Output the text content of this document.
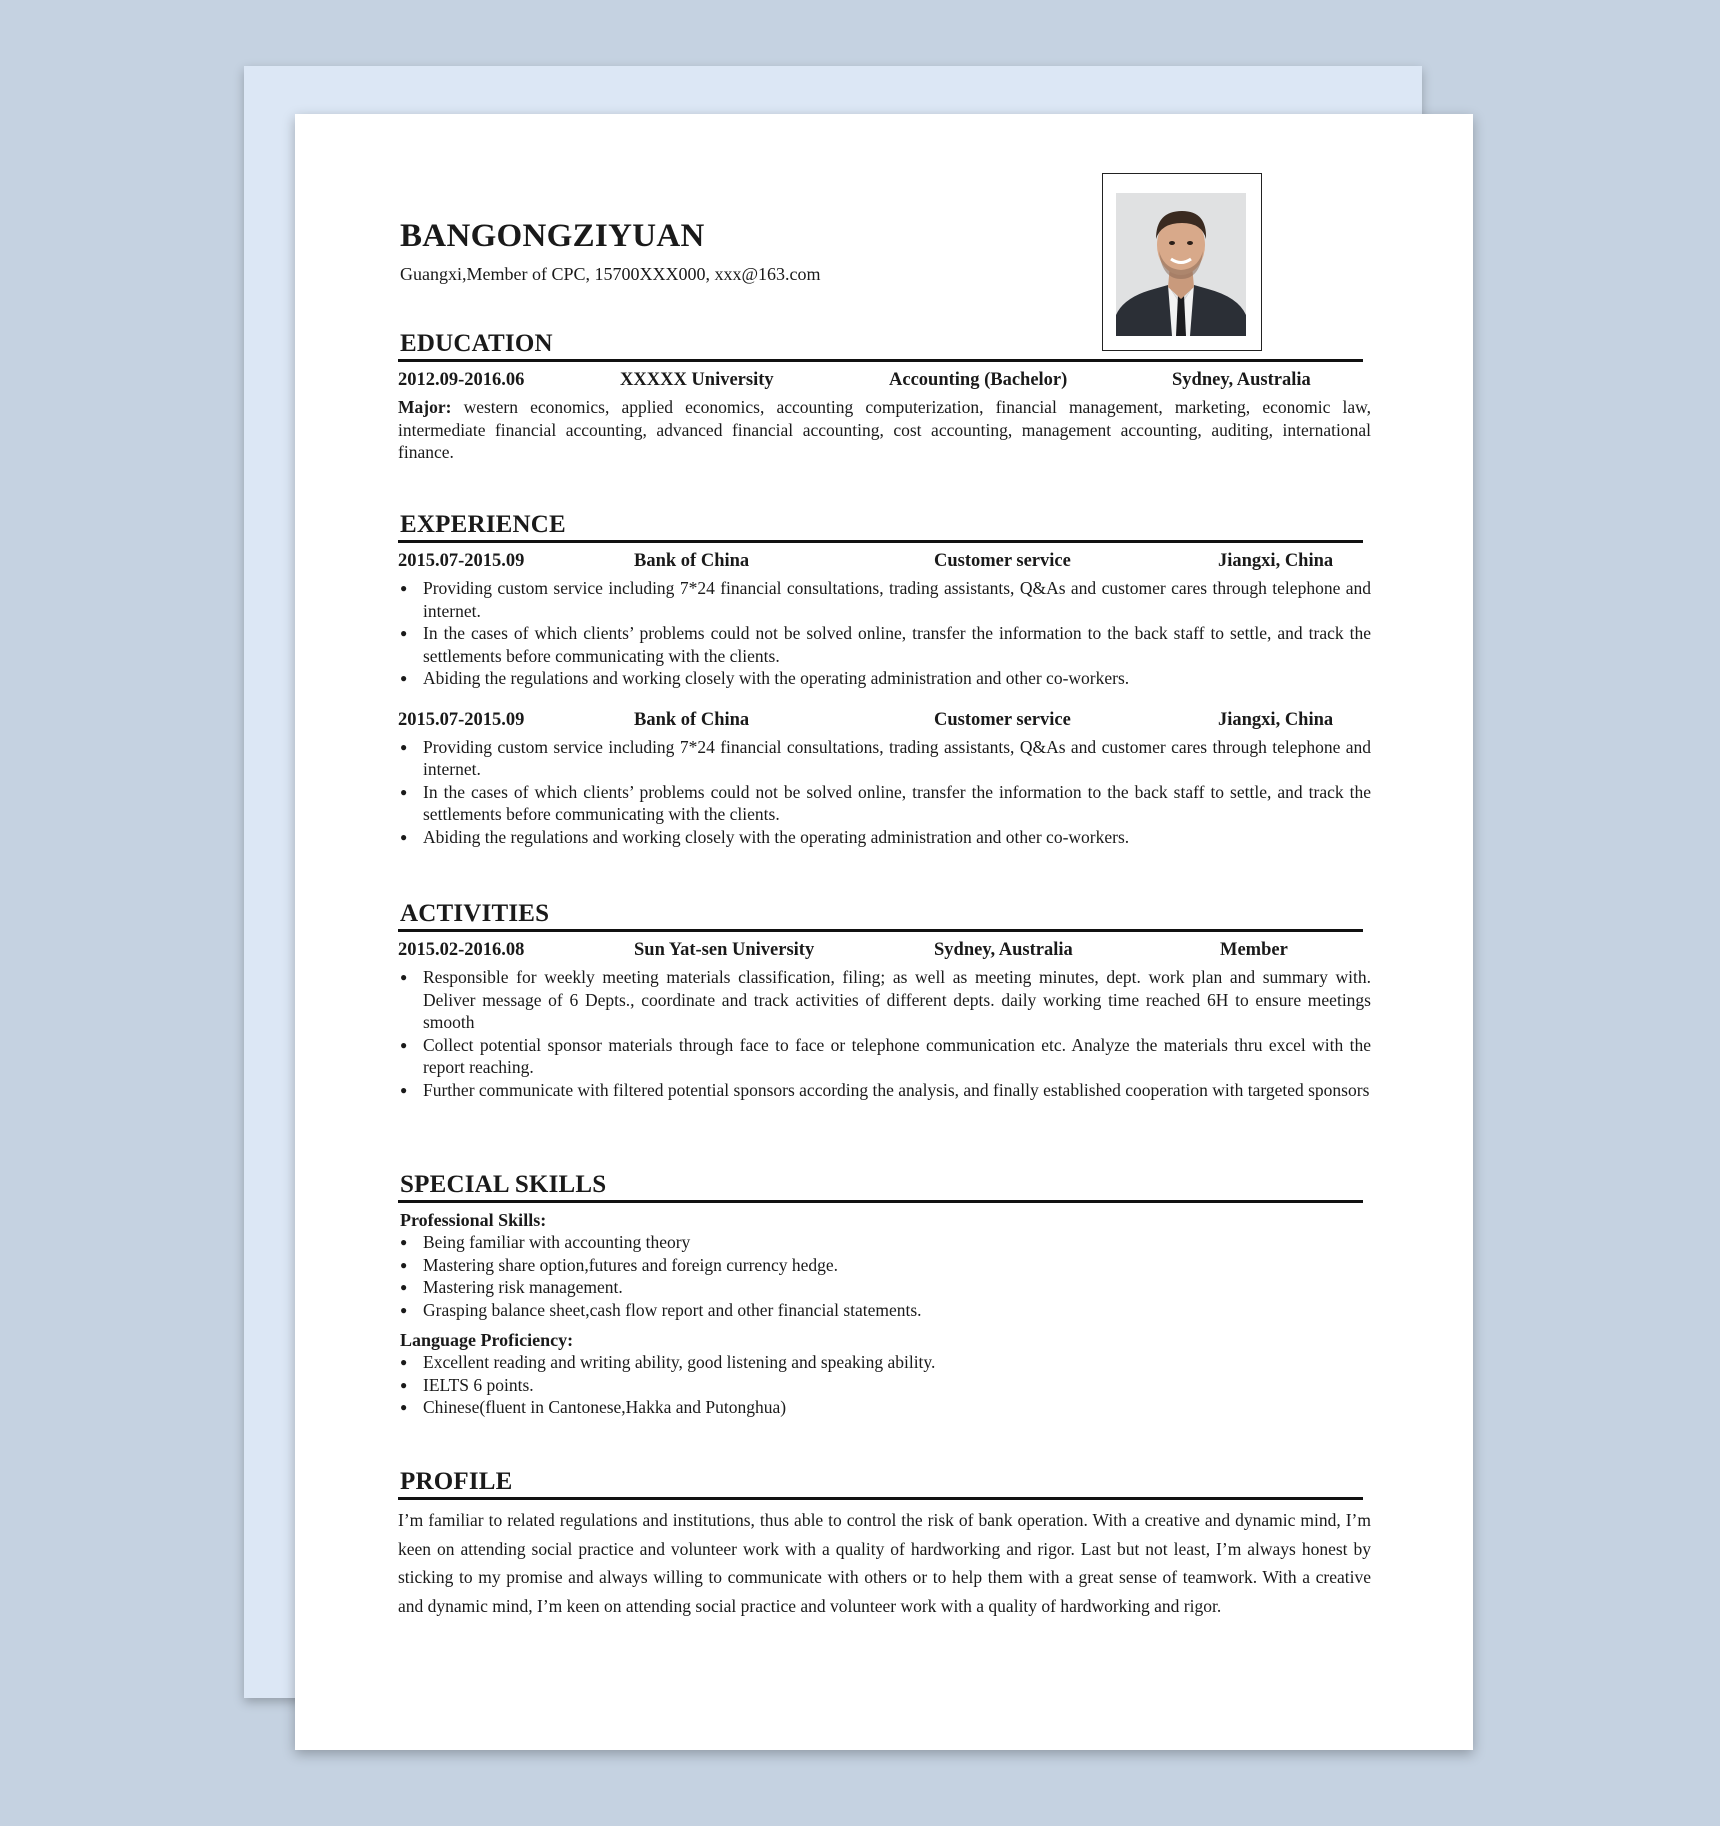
BANGONGZIYUAN
Guangxi,Member of CPC, 15700XXX000, xxx@163.com
EDUCATION
2012.09-2016.06	XXXXX University	Accounting (Bachelor)	Sydney, Australia

Major: western economics, applied economics, accounting computerization, financial management, marketing, economic law, intermediate financial accounting, advanced financial accounting, cost accounting, management accounting, auditing, international finance.

EXPERIENCE
2015.07-2015.09	Bank of China	Customer service	Jiangxi, China
● Providing custom service including 7*24 financial consultations, trading assistants, Q&As and customer cares through telephone and internet.
● In the cases of which clients’ problems could not be solved online, transfer the information to the back staff to settle, and track the settlements before communicating with the clients.
● Abiding the regulations and working closely with the operating administration and other co-workers.
2015.07-2015.09	Bank of China	Customer service	Jiangxi, China
● Providing custom service including 7*24 financial consultations, trading assistants, Q&As and customer cares through telephone and internet.
● In the cases of which clients’ problems could not be solved online, transfer the information to the back staff to settle, and track the settlements before communicating with the clients.
● Abiding the regulations and working closely with the operating administration and other co-workers.
ACTIVITIES
2015.02-2016.08	Sun Yat-sen University	Sydney, Australia	Member
● Responsible for weekly meeting materials classification, filing; as well as meeting minutes, dept. work plan and summary with. Deliver message of 6 Depts., coordinate and track activities of different depts. daily working time reached 6H to ensure meetings smooth
● Collect potential sponsor materials through face to face or telephone communication etc. Analyze the materials thru excel with the report reaching.
● Further communicate with filtered potential sponsors according the analysis, and finally established cooperation with targeted sponsors
SPECIAL SKILLS
Professional Skills:
● Being familiar with accounting theory
● Mastering share option,futures and foreign currency hedge.
● Mastering risk management.
● Grasping balance sheet,cash flow report and other financial statements.
Language Proficiency:
● Excellent reading and writing ability, good listening and speaking ability.
● IELTS 6 points.
● Chinese(fluent in Cantonese,Hakka and Putonghua)
PROFILE

I’m familiar to related regulations and institutions, thus able to control the risk of bank operation. With a creative and dynamic mind, I’m keen on attending social practice and volunteer work with a quality of hardworking and rigor. Last but not least, I’m always honest by sticking to my promise and always willing to communicate with others or to help them with a great sense of teamwork. With a creative and dynamic mind, I’m keen on attending social practice and volunteer work with a quality of hardworking and rigor.
